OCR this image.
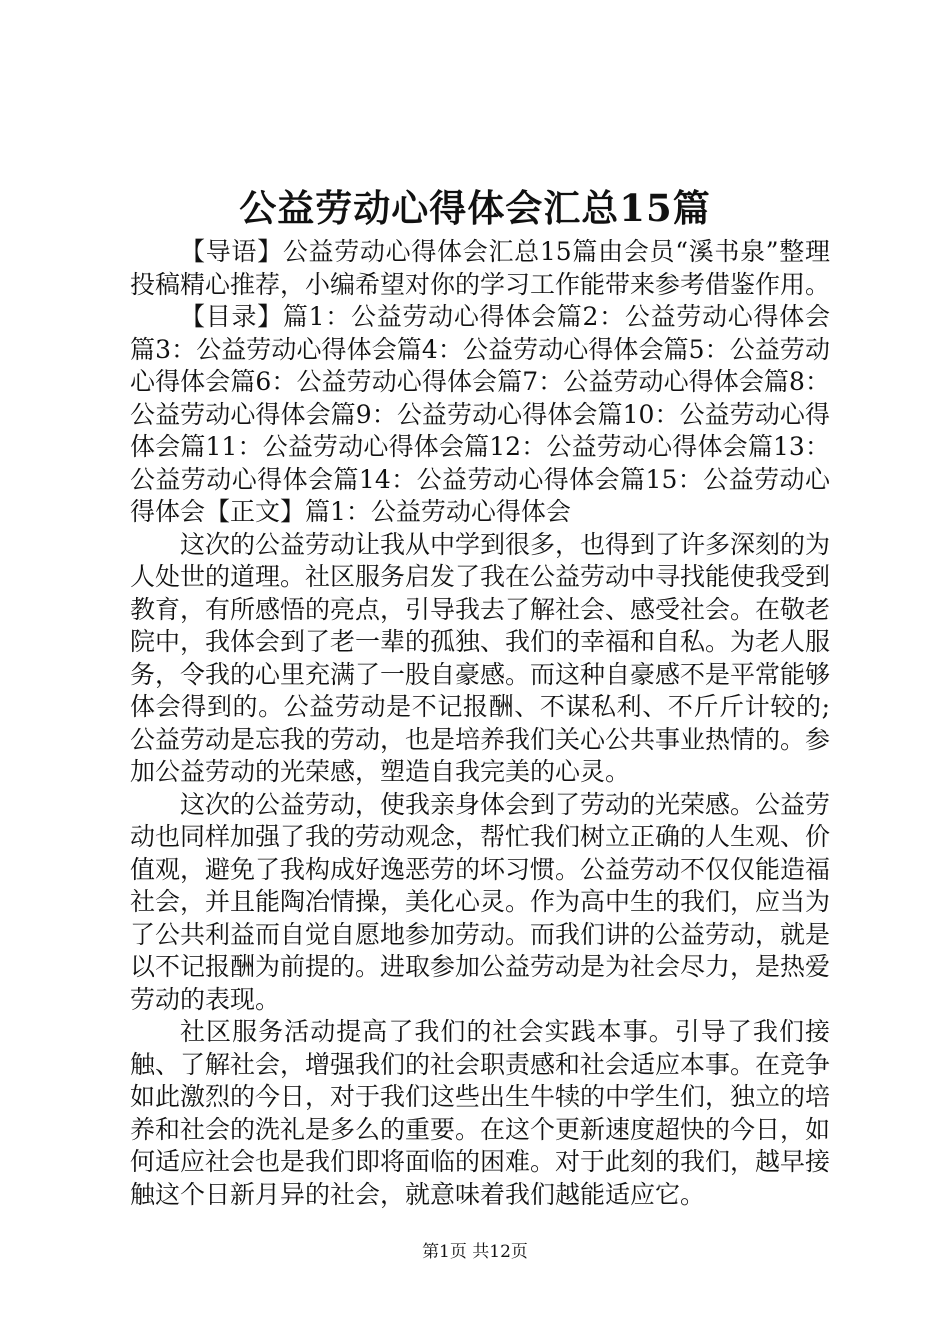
公益劳动心得体会汇总15篇

【导语】公益劳动心得体会汇总15篇由会员“溪书泉”整理投稿精心推荐，小编希望对你的学习工作能带来参考借鉴作用。

【目录】篇1：公益劳动心得体会篇2：公益劳动心得体会篇3：公益劳动心得体会篇4：公益劳动心得体会篇5：公益劳动心得体会篇6：公益劳动心得体会篇7：公益劳动心得体会篇8：公益劳动心得体会篇9：公益劳动心得体会篇10：公益劳动心得体会篇11：公益劳动心得体会篇12：公益劳动心得体会篇13：公益劳动心得体会篇14：公益劳动心得体会篇15：公益劳动心得体会【正文】篇1：公益劳动心得体会

这次的公益劳动让我从中学到很多，也得到了许多深刻的为人处世的道理。社区服务启发了我在公益劳动中寻找能使我受到教育，有所感悟的亮点，引导我去了解社会、感受社会。在敬老院中，我体会到了老一辈的孤独、我们的幸福和自私。为老人服务，令我的心里充满了一股自豪感。而这种自豪感不是平常能够体会得到的。公益劳动是不记报酬、不谋私利、不斤斤计较的;公益劳动是忘我的劳动，也是培养我们关心公共事业热情的。参加公益劳动的光荣感，塑造自我完美的心灵。

这次的公益劳动，使我亲身体会到了劳动的光荣感。公益劳动也同样加强了我的劳动观念，帮忙我们树立正确的人生观、价值观，避免了我构成好逸恶劳的坏习惯。公益劳动不仅仅能造福社会，并且能陶冶情操，美化心灵。作为高中生的我们，应当为了公共利益而自觉自愿地参加劳动。而我们讲的公益劳动，就是以不记报酬为前提的。进取参加公益劳动是为社会尽力，是热爱劳动的表现。

社区服务活动提高了我们的社会实践本事。引导了我们接触、了解社会，增强我们的社会职责感和社会适应本事。在竞争如此激烈的今日，对于我们这些出生牛犊的中学生们，独立的培养和社会的洗礼是多么的重要。在这个更新速度超快的今日，如何适应社会也是我们即将面临的困难。对于此刻的我们，越早接触这个日新月异的社会，就意味着我们越能适应它。

第1页 共12页
